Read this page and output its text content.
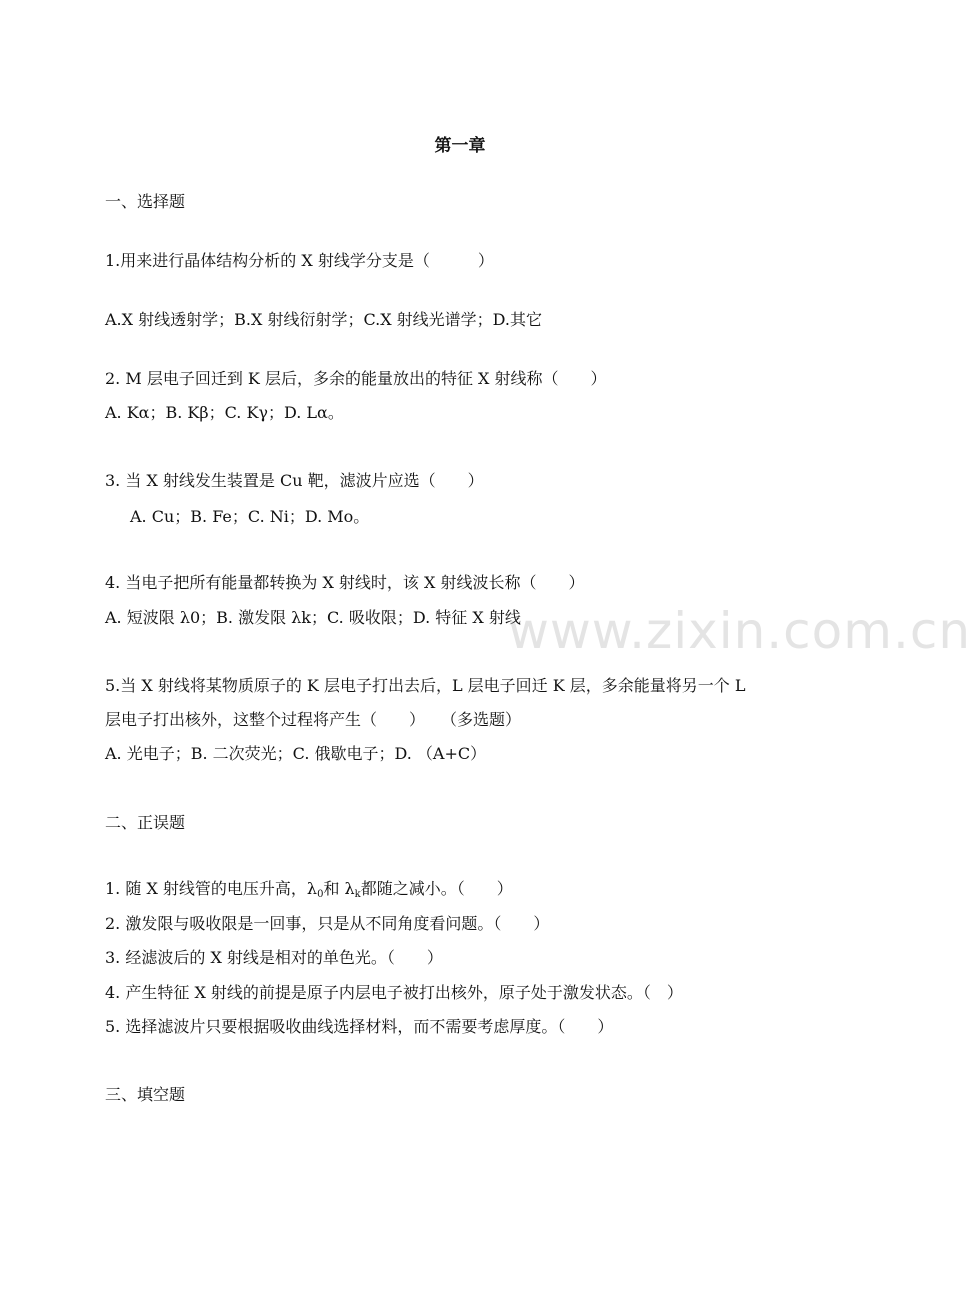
www.zixin.com.cn
第一章
一、选择题
1.用来进行晶体结构分析的 X 射线学分支是（　　　）
A.X 射线透射学；B.X 射线衍射学；C.X 射线光谱学；D.其它
2. M 层电子回迁到 K 层后，多余的能量放出的特征 X 射线称（　　）
A. Kα；B. Kβ；C. Kγ；D. Lα。
3. 当 X 射线发生装置是 Cu 靶，滤波片应选（　　）
A. Cu；B. Fe；C. Ni；D. Mo。
4. 当电子把所有能量都转换为 X 射线时，该 X 射线波长称（　　）
A. 短波限 λ0；B. 激发限 λk；C. 吸收限；D. 特征 X 射线
5.当 X 射线将某物质原子的 K 层电子打出去后，L 层电子回迁 K 层，多余能量将另一个 L
层电子打出核外，这整个过程将产生（　　）　　（多选题）
A. 光电子；B. 二次荧光；C. 俄歇电子；D. （A+C）
二、正误题
1. 随 X 射线管的电压升高，$\lambda_0$和 $\lambda_k$都随之减小。（　　）
2. 激发限与吸收限是一回事，只是从不同角度看问题。（　　）
3. 经滤波后的 X 射线是相对的单色光。（　　）
4. 产生特征 X 射线的前提是原子内层电子被打出核外，原子处于激发状态。（　）
5. 选择滤波片只要根据吸收曲线选择材料，而不需要考虑厚度。（　　）
三、填空题
